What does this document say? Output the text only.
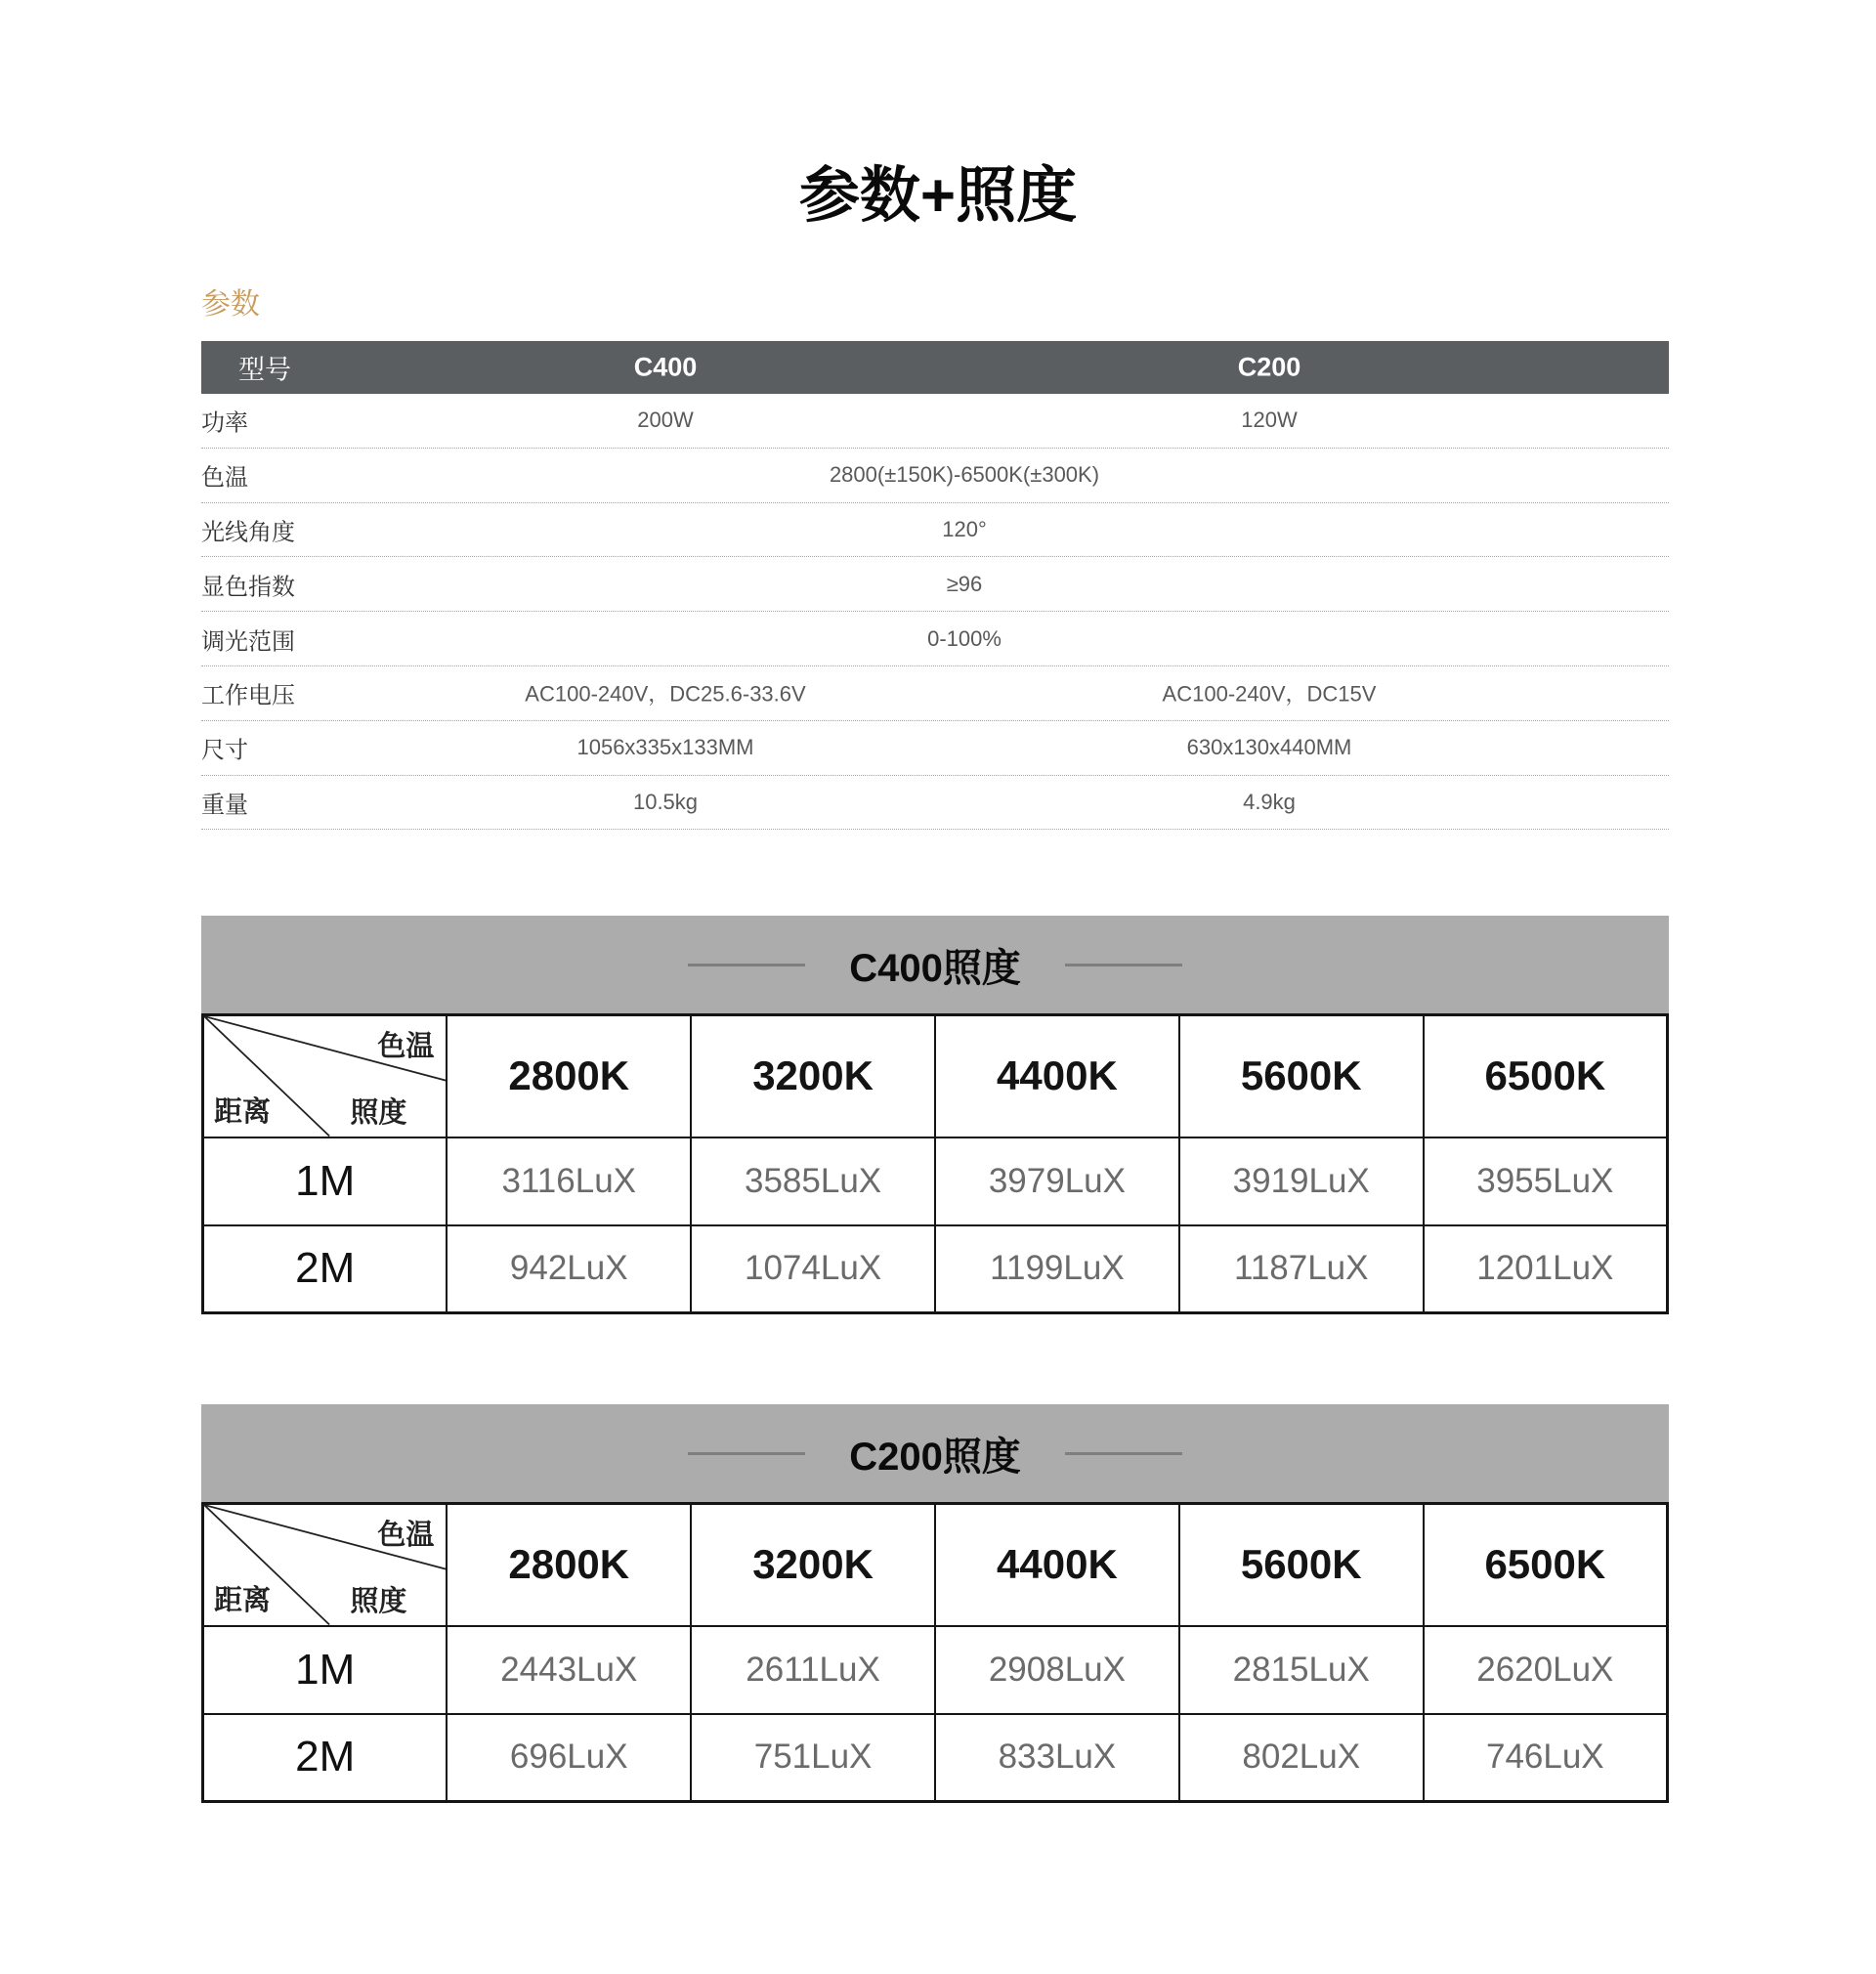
参数+照度
参数
型号	C400	C200
功率	200W	120W
色温	2800(±150K)-6500K(±300K)
光线角度	120°
显色指数	≥96
调光范围	0-100%
工作电压	AC100-240V，DC25.6-33.6V	AC100-240V，DC15V
尺寸	1056x335x133MM	630x130x440MM
重量	10.5kg	4.9kg
C400照度
色温
照度
距离	2800K	3200K	4400K	5600K	6500K
1M	3116LuX	3585LuX	3979LuX	3919LuX	3955LuX
2M	942LuX	1074LuX	1199LuX	1187LuX	1201LuX
C200照度
色温
照度
距离	2800K	3200K	4400K	5600K	6500K
1M	2443LuX	2611LuX	2908LuX	2815LuX	2620LuX
2M	696LuX	751LuX	833LuX	802LuX	746LuX
